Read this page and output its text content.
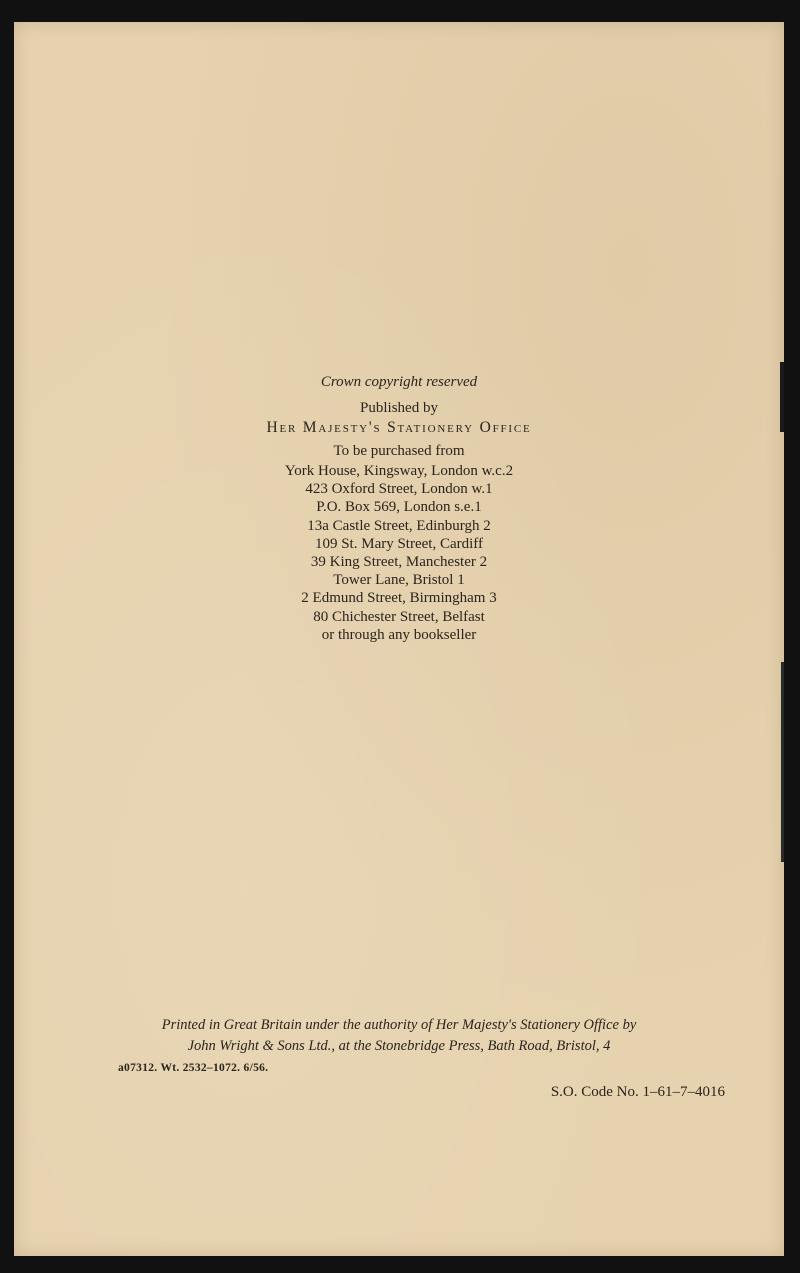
Crown copyright reserved
Published by
Her Majesty's Stationery Office
To be purchased from
York House, Kingsway, London w.c.2
423 Oxford Street, London w.1
P.O. Box 569, London s.e.1
13a Castle Street, Edinburgh 2
109 St. Mary Street, Cardiff
39 King Street, Manchester 2
Tower Lane, Bristol 1
2 Edmund Street, Birmingham 3
80 Chichester Street, Belfast
or through any bookseller
Printed in Great Britain under the authority of Her Majesty's Stationery Office by
John Wright & Sons Ltd., at the Stonebridge Press, Bath Road, Bristol, 4
a07312. Wt. 2532–1072. 6/56.
S.O. Code No. 1–61–7–4016
